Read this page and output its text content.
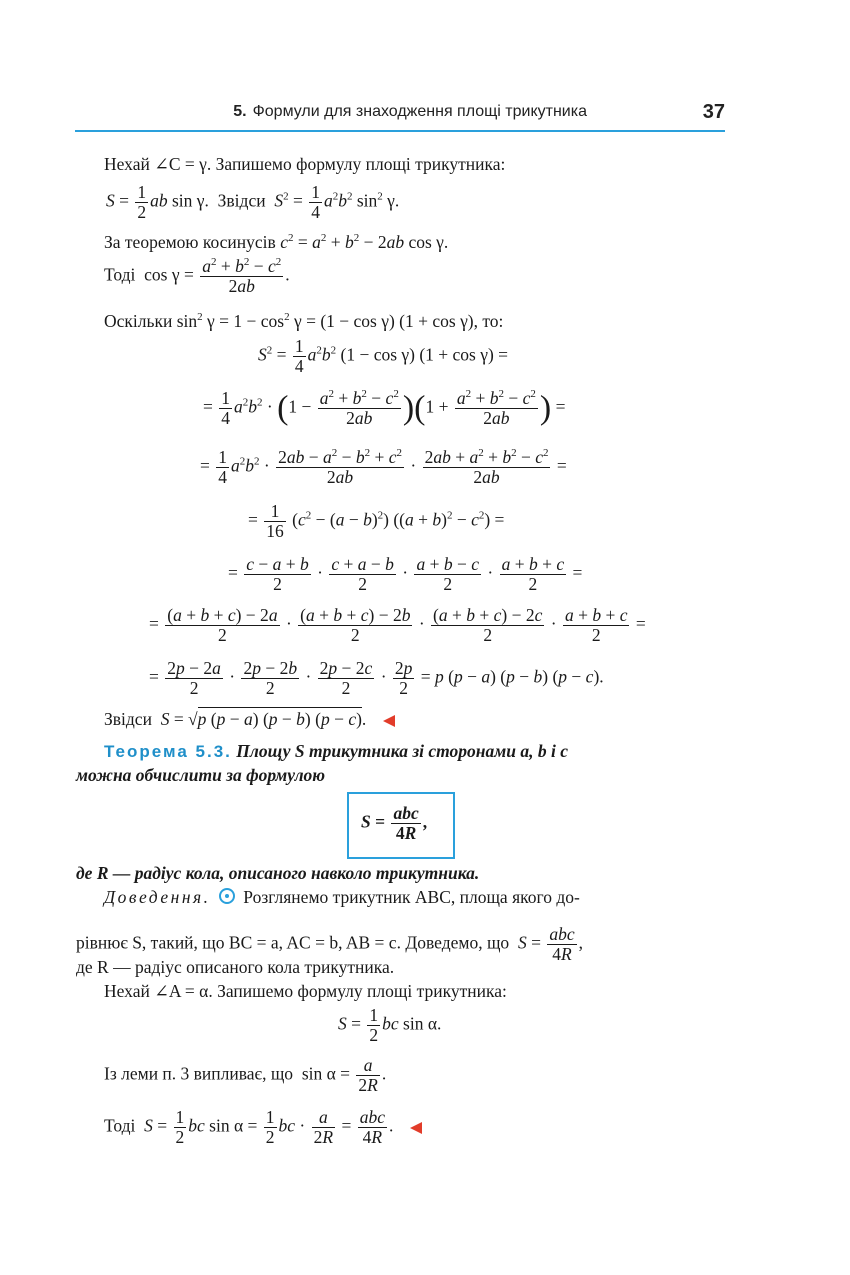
5. Формули для знаходження площі трикутника	37
Нехай ∠C = γ. Запишемо формулу площі трикутника:
$S = \frac{1}{2}$ ab sin γ.  Звідси $S^2 = \frac{1}{4} a^2b^2$ $\sin^2 \gamma$.
За теоремою косинусів $c^2 = a^2 + b^2 - 2ab$ cos γ.
Тоді  $\cos \gamma = \frac{a^2 + b^2 - c^2}{2ab}$ .
Оскільки $\sin^2 \gamma = 1 - \cos^2 \gamma = (1 - \cos \gamma) (1 + \cos \gamma)$, то:
$S^2 = \frac{1}{4} a^2b^2$ (1 − cos γ) (1 + cos γ) =
= $\frac{1}{4} a^2b^2 \cdot (1 - \frac{a^2 + b^2 - c^2}{2ab} )(1 + \frac{a^2 + b^2 - c^2}{2ab}$ ) =
= $\frac{1}{4} a^2b^2 \cdot \frac{2ab - a^2 - b^2 + c^2}{2ab} \cdot \frac{2ab + a^2 + b^2 - c^2}{2ab}$ =
= $\frac{1}{16} (c^2 - (a - b)^2) ((a + b)^2 - c^2)$ =
= $\frac{c - a + b}{2} \cdot \frac{c + a - b}{2} \cdot \frac{a + b - c}{2} \cdot \frac{a + b + c}{2}$ =
= $\frac{(a + b + c) - 2a}{2} \cdot \frac{(a + b + c) - 2b}{2} \cdot \frac{(a + b + c) - 2c}{2} \cdot \frac{a + b + c}{2}$ =
= $\frac{2p - 2a}{2} \cdot \frac{2p - 2b}{2} \cdot \frac{2p - 2c}{2} \cdot \frac{2p}{2} = p$ (p − a) (p − b) (p − c).
Звідси S = √p (p − a) (p − b) (p − c).
Теорема 5.3. Площу S трикутника зі сторонами a, b і c
можна обчислити за формулою
$S = \frac{\text{abc}}{4R}$ ,
де R — радіус кола, описаного навколо трикутника.
Доведення. Розглянемо трикутник ABC, площа якого до-
рівнює S, такий, що BC = a, AC = b, AB = c. Доведемо, що $S = \frac{\text{abc}}{4R}$ ,
де R — радіус описаного кола трикутника.
Нехай ∠A = α. Запишемо формулу площі трикутника:
$S = \frac{1}{2}$ bc sin α.
Із леми п. 3 випливає, що  $\sin \alpha = \frac{a}{2R}$ .
Тоді $S = \frac{1}{2}$ bc $\sin \alpha = \frac{1}{2}$ bc · $\frac{a}{2R} = \frac{\text{abc}}{4R}$ .
